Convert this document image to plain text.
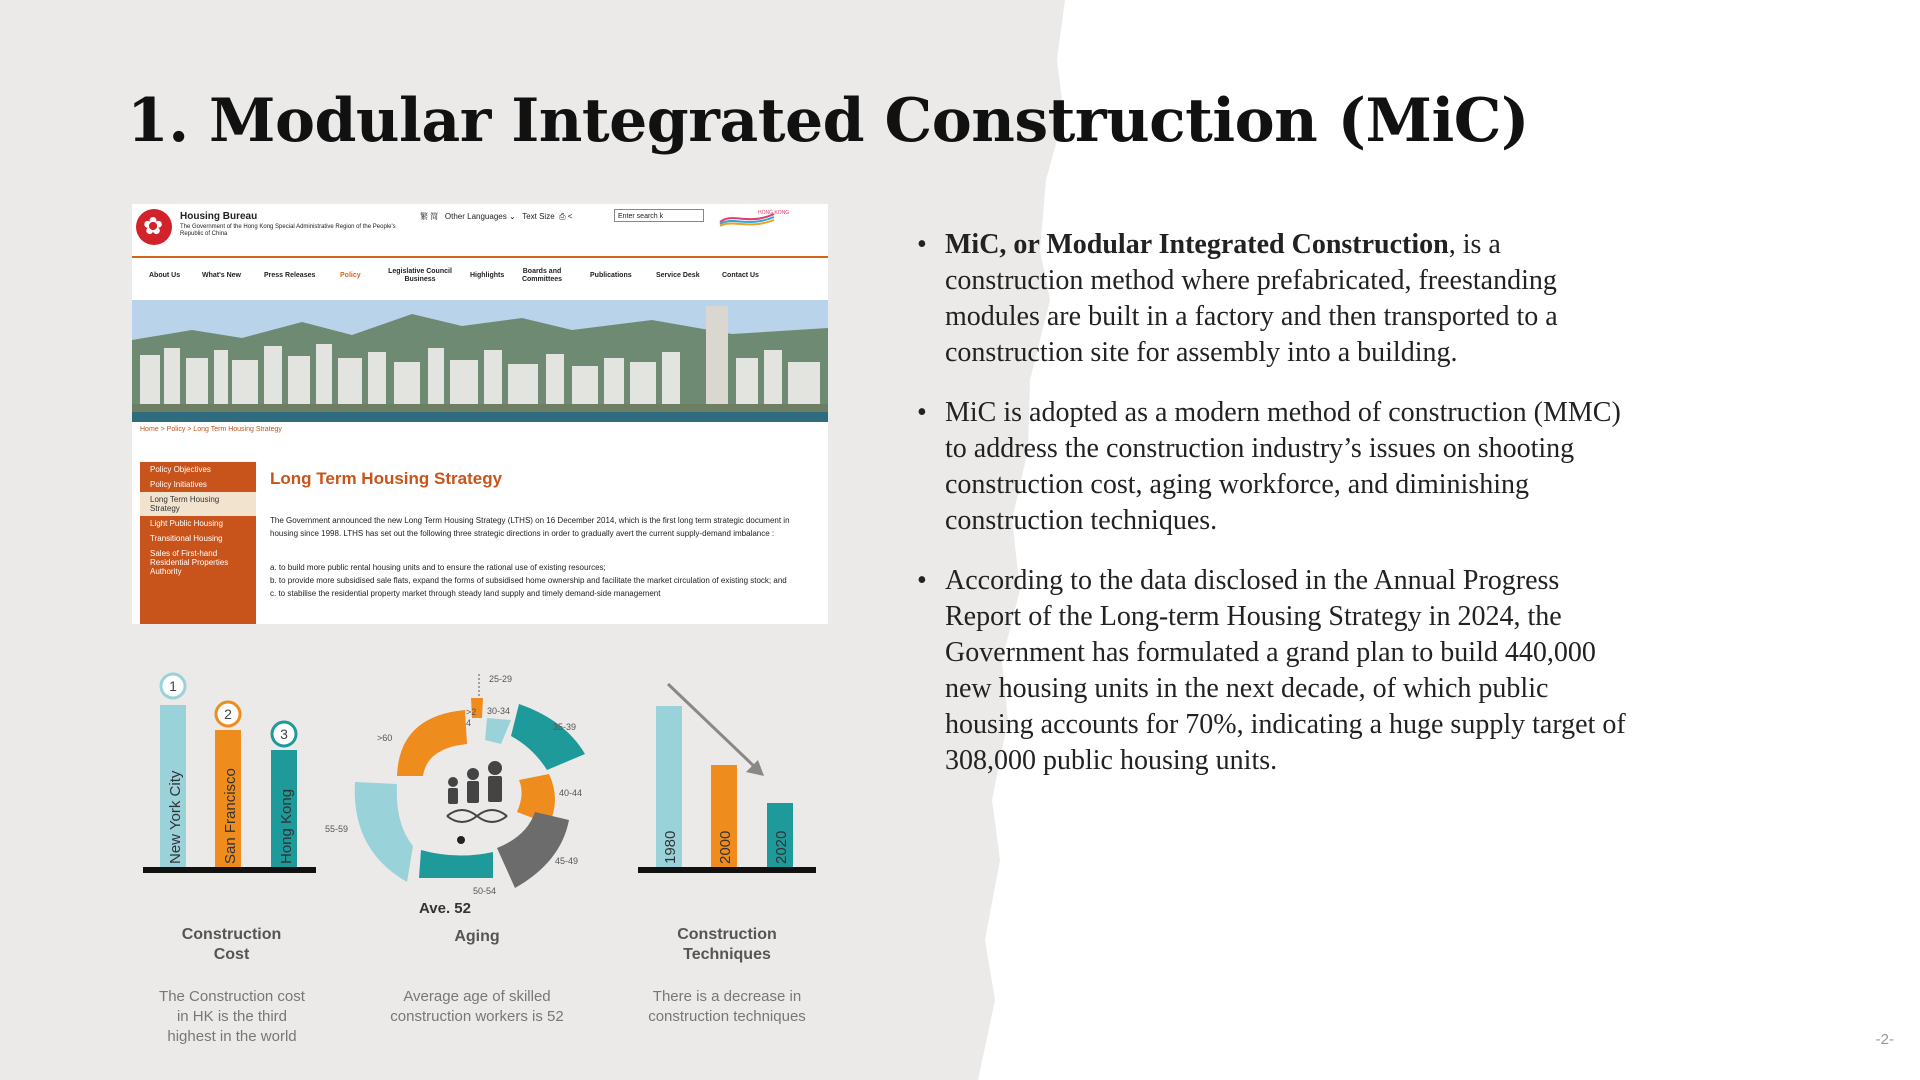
1. Modular Integrated Construction (MiC)
✿
Housing Bureau
The Government of the Hong Kong Special Administrative Region of the People's Republic of China
繁 简 Other Languages ⌄ Text Size ⎙ <	Enter search k	HONG KONG
About Us	What's New	Press Releases	Policy
Legislative Council Business
Highlights
Boards and Committees
Publications	Service Desk	Contact Us
Home > Policy > Long Term Housing Strategy
Policy Objectives
Policy Initiatives
Long Term Housing Strategy
Light Public Housing
Transitional Housing
Sales of First-hand Residential Properties Authority
Long Term Housing Strategy
The Government announced the new Long Term Housing Strategy (LTHS) on 16 December 2014, which is the first long term strategic document in housing since 1998. LTHS has set out the following three strategic directions in order to gradually avert the current supply-demand imbalance :
a. to build more public rental housing units and to ensure the rational use of existing resources;
b. to provide more subsidised sale flats, expand the forms of subsidised home ownership and facilitate the market circulation of existing stock; and
c. to stabilise the residential property market through steady land supply and timely demand-side management
1
2
3
New York City	San Francisco	Hong Kong
>2
4
25-29
30-34
35-39
40-44
45-49
50-54
55-59
>60
Ave. 52
1980	2000	2020
Construction
Cost
Aging	Construction
Techniques
The Construction cost
in HK is the third
highest in the world
Average age of skilled
construction workers is 52
There is a decrease in
construction techniques
• MiC, or Modular Integrated Construction, is a construction method where prefabricated, freestanding modules are built in a factory and then transported to a construction site for assembly into a building.
• MiC is adopted as a modern method of construction (MMC) to address the construction industry’s issues on shooting construction cost, aging workforce, and diminishing construction techniques.
• According to the data disclosed in the Annual Progress Report of the Long-term Housing Strategy in 2024, the Government has formulated a grand plan to build 440,000 new housing units in the next decade, of which public housing accounts for 70%, indicating a huge supply target of 308,000 public housing units.
-2-
